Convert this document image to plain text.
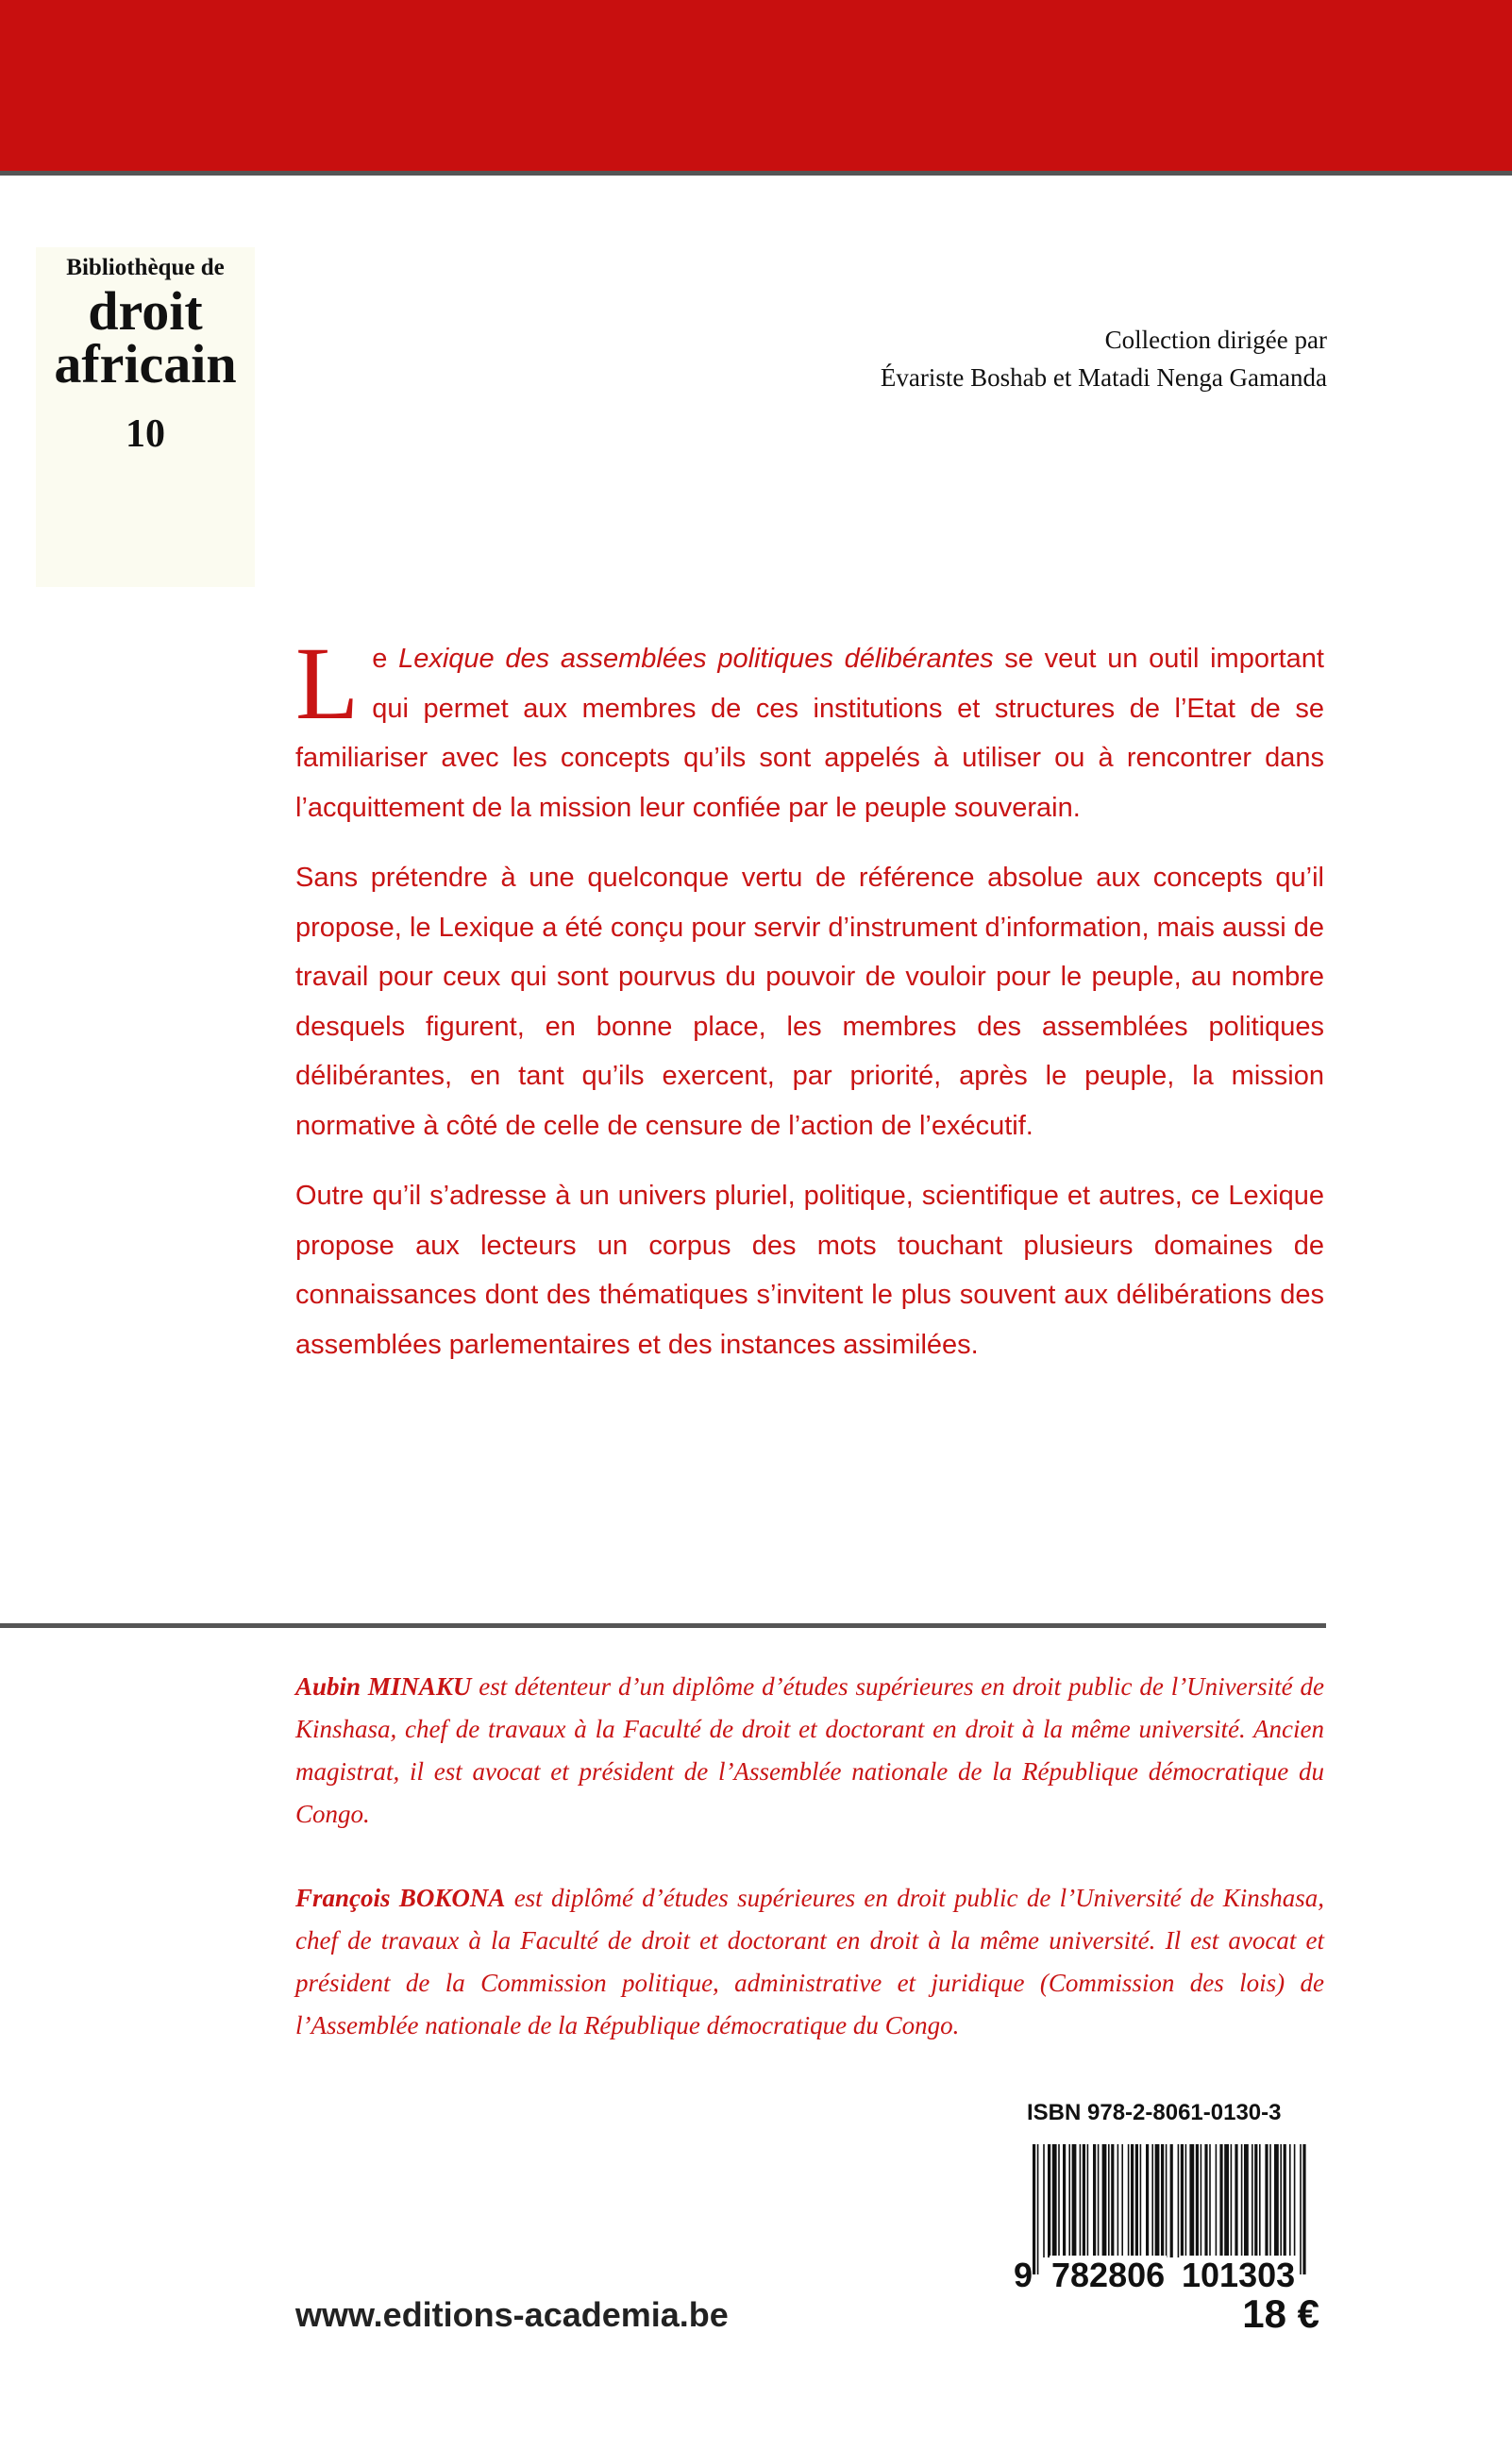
Bibliothèque de
droit
africain
10
Collection dirigée par
Évariste Boshab et Matadi Nenga Gamanda

Le Lexique des assemblées politiques délibérantes se veut un outil important qui permet aux membres de ces institutions et structures de l’Etat de se familiariser avec les concepts qu’ils sont appelés à utiliser ou à rencontrer dans l’acquittement de la mission leur confiée par le peuple souverain.

Sans prétendre à une quelconque vertu de référence absolue aux concepts qu’il propose, le Lexique a été conçu pour servir d’instrument d’information, mais aussi de travail pour ceux qui sont pourvus du pouvoir de vouloir pour le peuple, au nombre desquels figurent, en bonne place, les membres des assemblées politiques délibérantes, en tant qu’ils exercent, par priorité, après le peuple, la mission normative à côté de celle de censure de l’action de l’exécutif.

Outre qu’il s’adresse à un univers pluriel, politique, scientifique et autres, ce Lexique propose aux lecteurs un corpus des mots touchant plusieurs domaines de connaissances dont des thématiques s’invitent le plus souvent aux délibérations des assemblées parlementaires et des instances assimilées.

Aubin MINAKU est détenteur d’un diplôme d’études supérieures en droit public de l’Université de Kinshasa, chef de travaux à la Faculté de droit et doctorant en droit à la même université. Ancien magistrat, il est avocat et président de l’Assemblée nationale de la République démocratique du Congo.

François BOKONA est diplômé d’études supérieures en droit public de l’Université de Kinshasa, chef de travaux à la Faculté de droit et doctorant en droit à la même université. Il est avocat et président de la Commission politique, administrative et juridique (Commission des lois) de l’Assemblée nationale de la République démocratique du Congo.

ISBN 978-2-8061-0130-3
9 782806 101303
www.editions-academia.be	18 €
